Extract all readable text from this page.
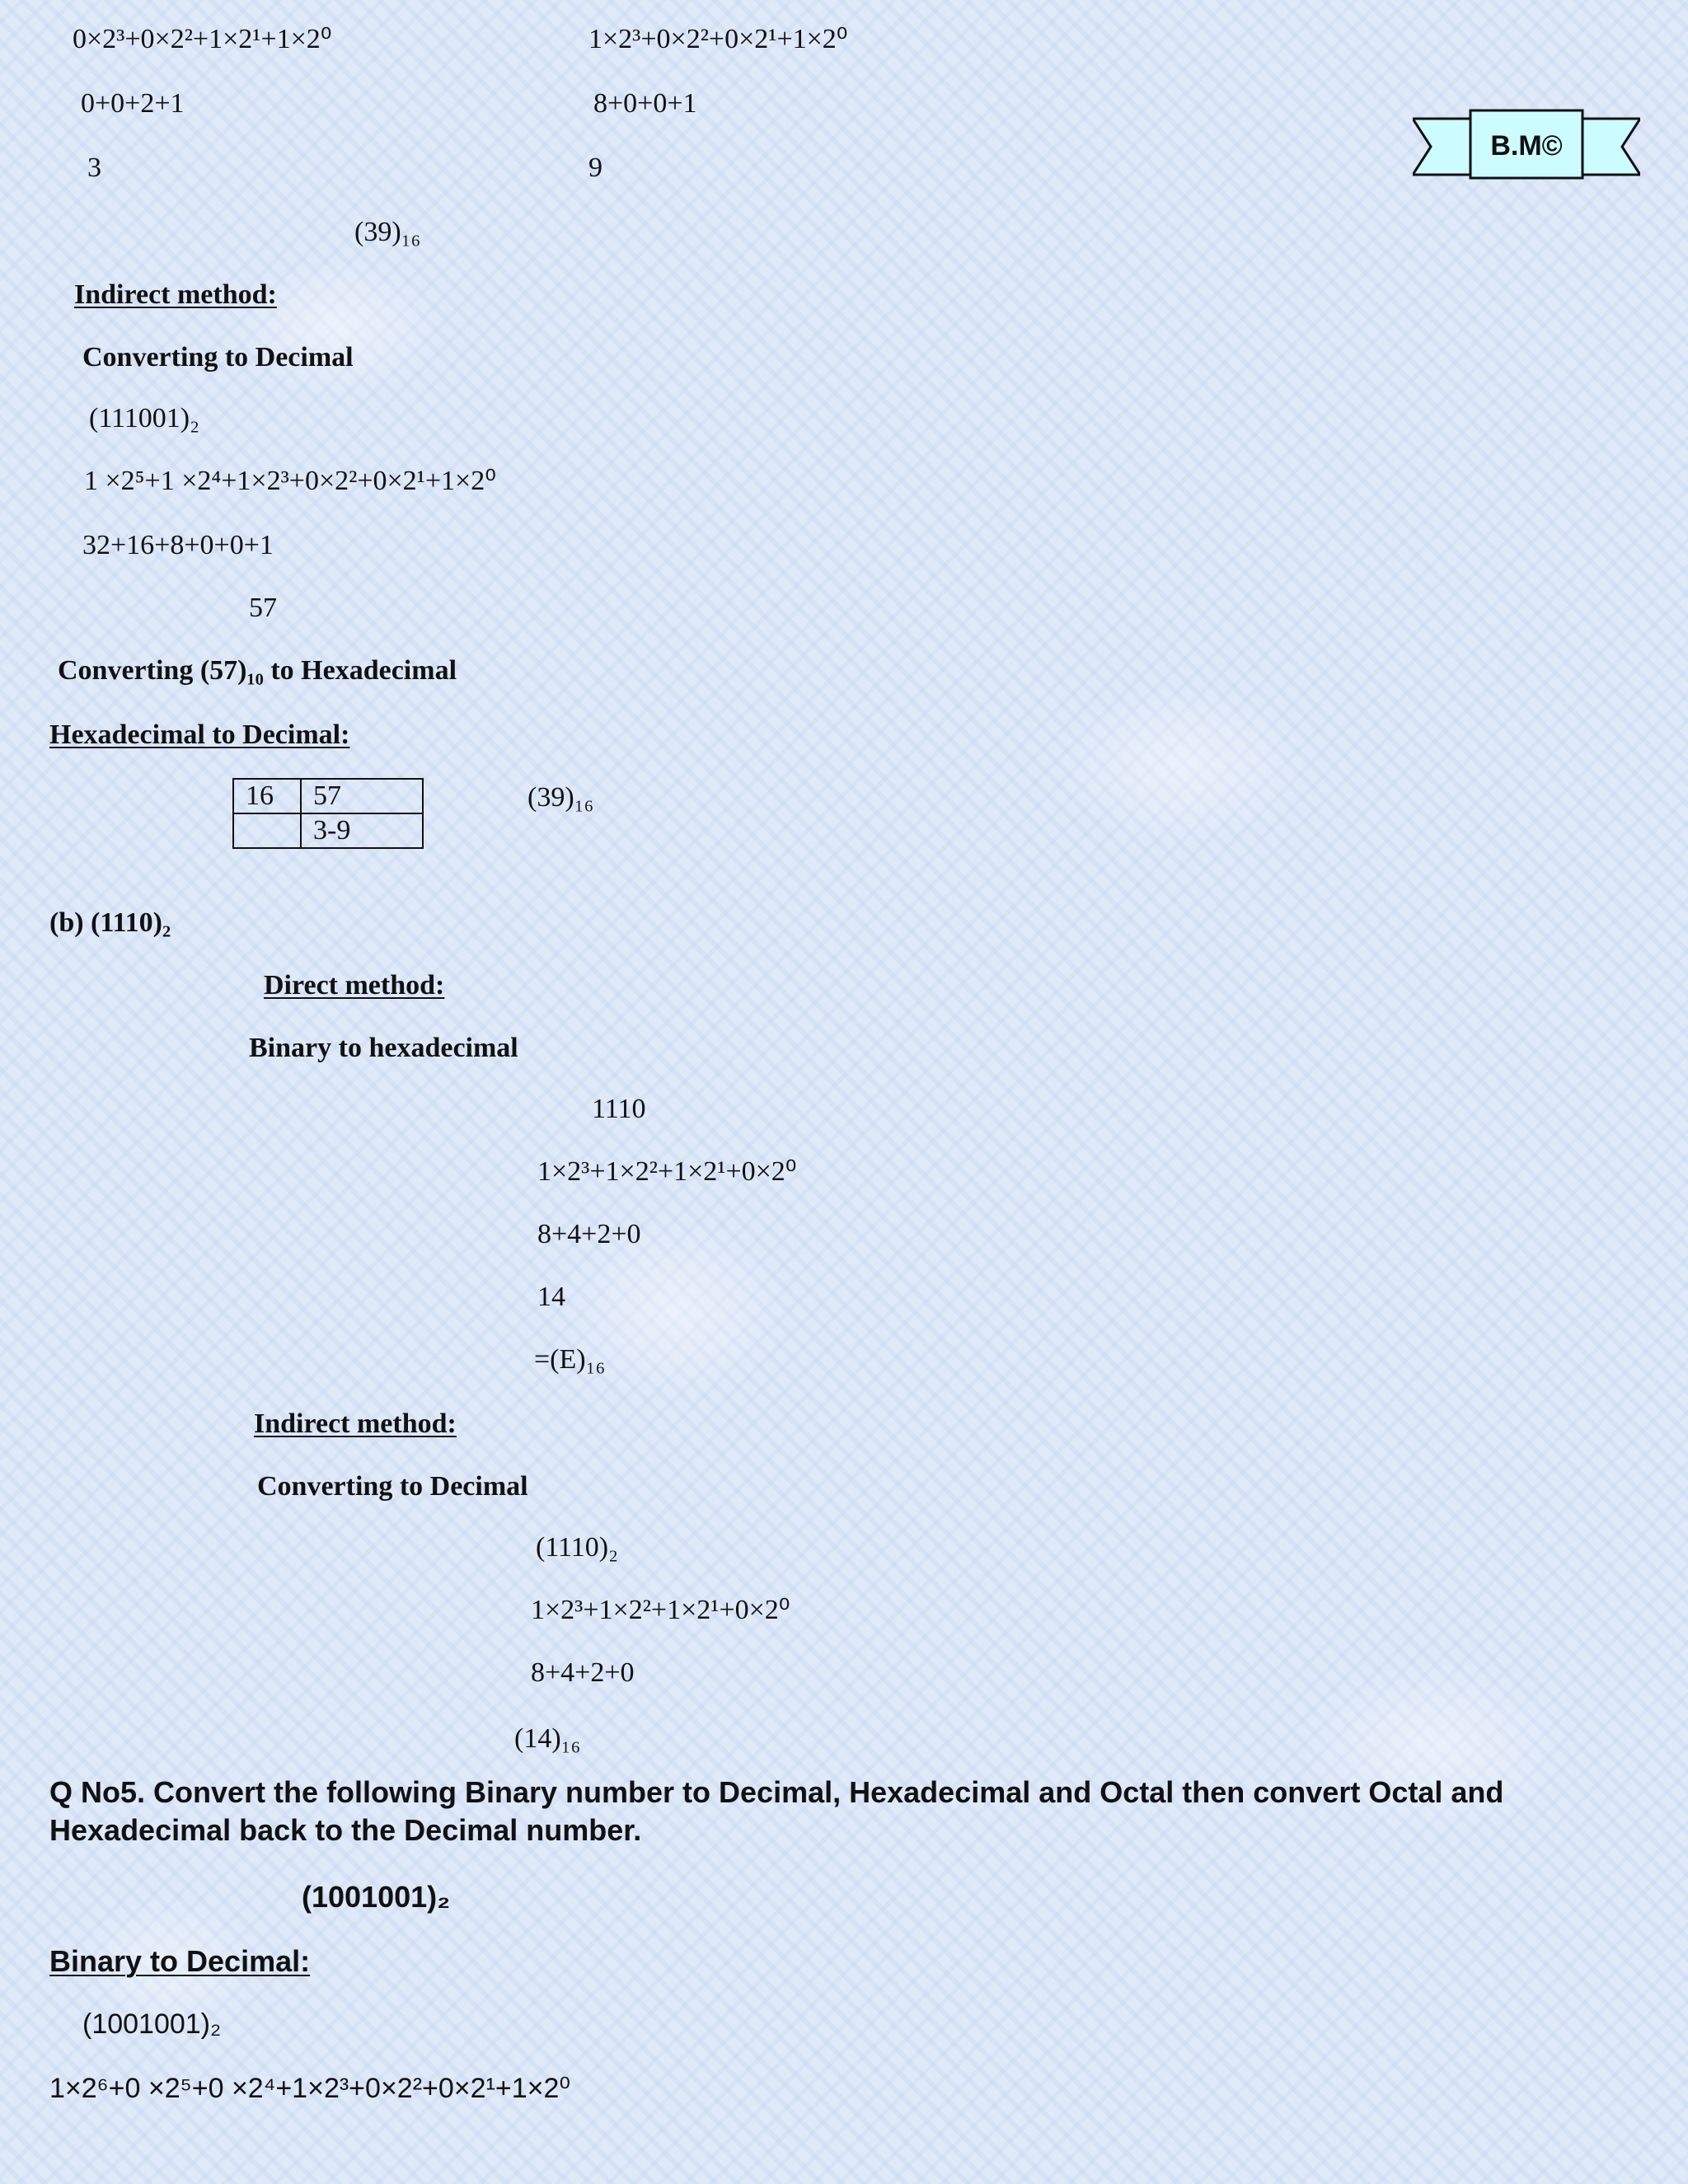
0×2³+0×2²+1×2¹+1×2⁰
0+0+2+1
3
1×2³+0×2²+0×2¹+1×2⁰
8+0+0+1
9
(39)₁₆
B.M©
Indirect method:
Converting to Decimal
(111001)₂
1 ×2⁵+1 ×2⁴+1×2³+0×2²+0×2¹+1×2⁰
32+16+8+0+0+1
57
Converting (57)₁₀ to Hexadecimal
Hexadecimal to Decimal:
16	57
	3-9
(39)₁₆
(b) (1110)₂
Direct method:
Binary to hexadecimal
1110
1×2³+1×2²+1×2¹+0×2⁰
8+4+2+0
14
=(E)₁₆
Indirect method:
Converting to Decimal
(1110)₂
1×2³+1×2²+1×2¹+0×2⁰
8+4+2+0
(14)₁₆
Q No5. Convert the following Binary number to Decimal, Hexadecimal and Octal then convert Octal and Hexadecimal back to the Decimal number.
(1001001)₂
Binary to Decimal:
(1001001)₂
1×2⁶+0 ×2⁵+0 ×2⁴+1×2³+0×2²+0×2¹+1×2⁰
